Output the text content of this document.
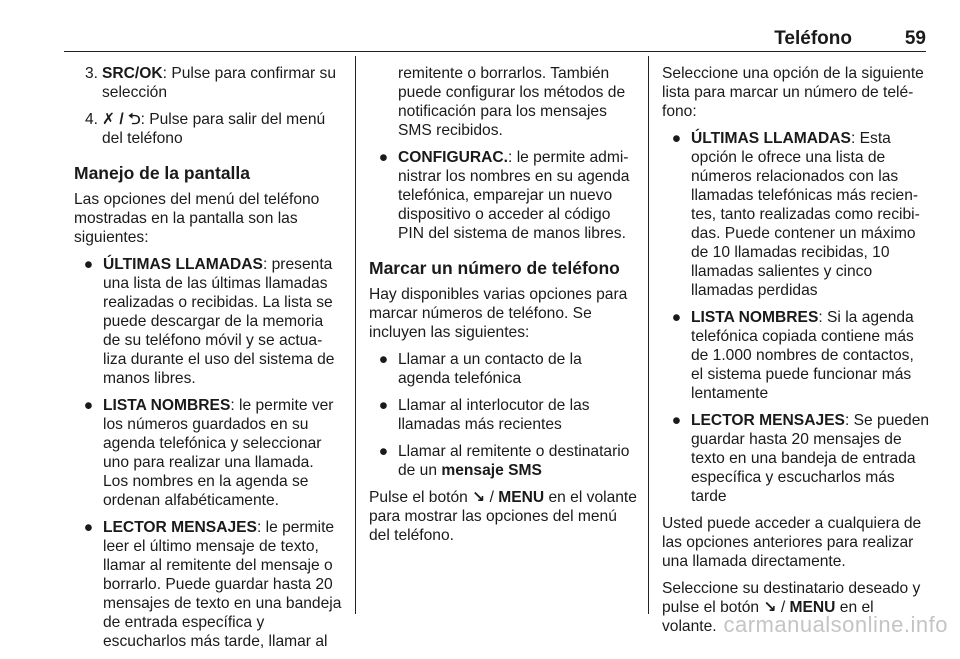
Teléfono	59
3. SRC/OK: Pulse para confirmar su selección
4. ✗ / ⮌: Pulse para salir del menú del teléfono
Manejo de la pantalla

Las opciones del menú del teléfono mostradas en la pantalla son las siguientes:

● ÚLTIMAS LLAMADAS: presenta una lista de las últimas llamadas realizadas o recibidas. La lista se puede descargar de la memoria de su teléfono móvil y se actua- liza durante el uso del sistema de manos libres.
● LISTA NOMBRES: le permite ver los números guardados en su agenda telefónica y seleccionar uno para realizar una llamada. Los nombres en la agenda se ordenan alfabéticamente.
● LECTOR MENSAJES: le permite leer el último mensaje de texto, llamar al remitente del mensaje o borrarlo. Puede guardar hasta 20 mensajes de texto en una bandeja de entrada específica y escucharlos más tarde, llamar al
remitente o borrarlos. También puede configurar los métodos de notificación para los mensajes SMS recibidos.
● CONFIGURAC.: le permite admi- nistrar los nombres en su agenda telefónica, emparejar un nuevo dispositivo o acceder al código PIN del sistema de manos libres.
Marcar un número de teléfono

Hay disponibles varias opciones para marcar números de teléfono. Se incluyen las siguientes:

● Llamar a un contacto de la agenda telefónica
● Llamar al interlocutor de las llamadas más recientes
● Llamar al remitente o destinatario de un mensaje SMS

Pulse el botón ↘ / MENU en el volante para mostrar las opciones del menú del teléfono.

Seleccione una opción de la siguiente lista para marcar un número de telé- fono:

● ÚLTIMAS LLAMADAS: Esta opción le ofrece una lista de números relacionados con las llamadas telefónicas más recien- tes, tanto realizadas como recibi- das. Puede contener un máximo de 10 llamadas recibidas, 10 llamadas salientes y cinco llamadas perdidas
● LISTA NOMBRES: Si la agenda telefónica copiada contiene más de 1.000 nombres de contactos, el sistema puede funcionar más lentamente
● LECTOR MENSAJES: Se pueden guardar hasta 20 mensajes de texto en una bandeja de entrada específica y escucharlos más tarde

Usted puede acceder a cualquiera de las opciones anteriores para realizar una llamada directamente.

Seleccione su destinatario deseado y pulse el botón ↘ / MENU en el volante. carmanualsonline.info
